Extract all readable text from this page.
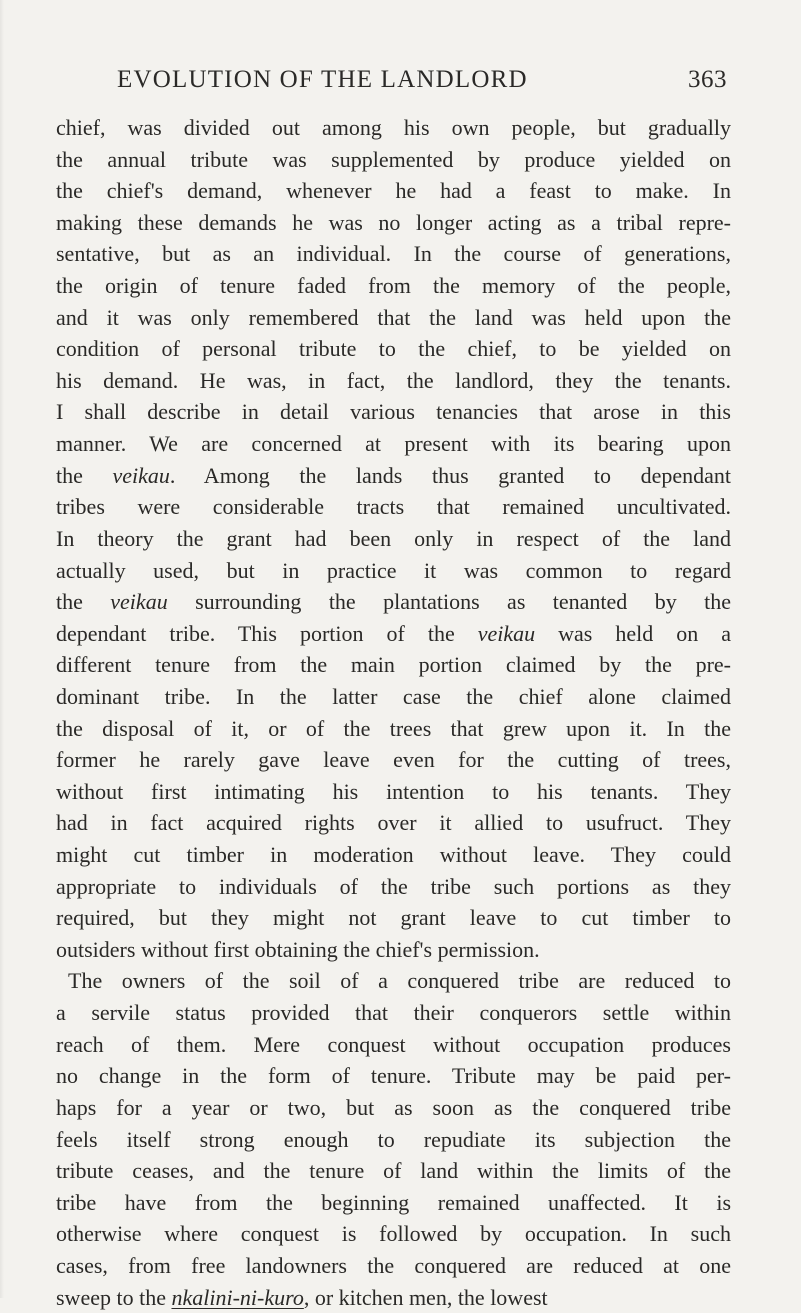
EVOLUTION OF THE LANDLORD	363
chief, was divided out among his own people, but gradually
the annual tribute was supplemented by produce yielded on
the chief's demand, whenever he had a feast to make. In
making these demands he was no longer acting as a tribal repre-
sentative, but as an individual. In the course of generations,
the origin of tenure faded from the memory of the people,
and it was only remembered that the land was held upon the
condition of personal tribute to the chief, to be yielded on
his demand. He was, in fact, the landlord, they the tenants.
I shall describe in detail various tenancies that arose in this
manner. We are concerned at present with its bearing upon
the veikau. Among the lands thus granted to dependant
tribes were considerable tracts that remained uncultivated.
In theory the grant had been only in respect of the land
actually used, but in practice it was common to regard
the veikau surrounding the plantations as tenanted by the
dependant tribe. This portion of the veikau was held on a
different tenure from the main portion claimed by the pre-
dominant tribe. In the latter case the chief alone claimed
the disposal of it, or of the trees that grew upon it. In the
former he rarely gave leave even for the cutting of trees,
without first intimating his intention to his tenants. They
had in fact acquired rights over it allied to usufruct. They
might cut timber in moderation without leave. They could
appropriate to individuals of the tribe such portions as they
required, but they might not grant leave to cut timber to
outsiders without first obtaining the chief's permission.
The owners of the soil of a conquered tribe are reduced to
a servile status provided that their conquerors settle within
reach of them. Mere conquest without occupation produces
no change in the form of tenure. Tribute may be paid per-
haps for a year or two, but as soon as the conquered tribe
feels itself strong enough to repudiate its subjection the
tribute ceases, and the tenure of land within the limits of the
tribe have from the beginning remained unaffected. It is
otherwise where conquest is followed by occupation. In such
cases, from free landowners the conquered are reduced at one
sweep to the nkalini-ni-kuro, or kitchen men, the lowest
